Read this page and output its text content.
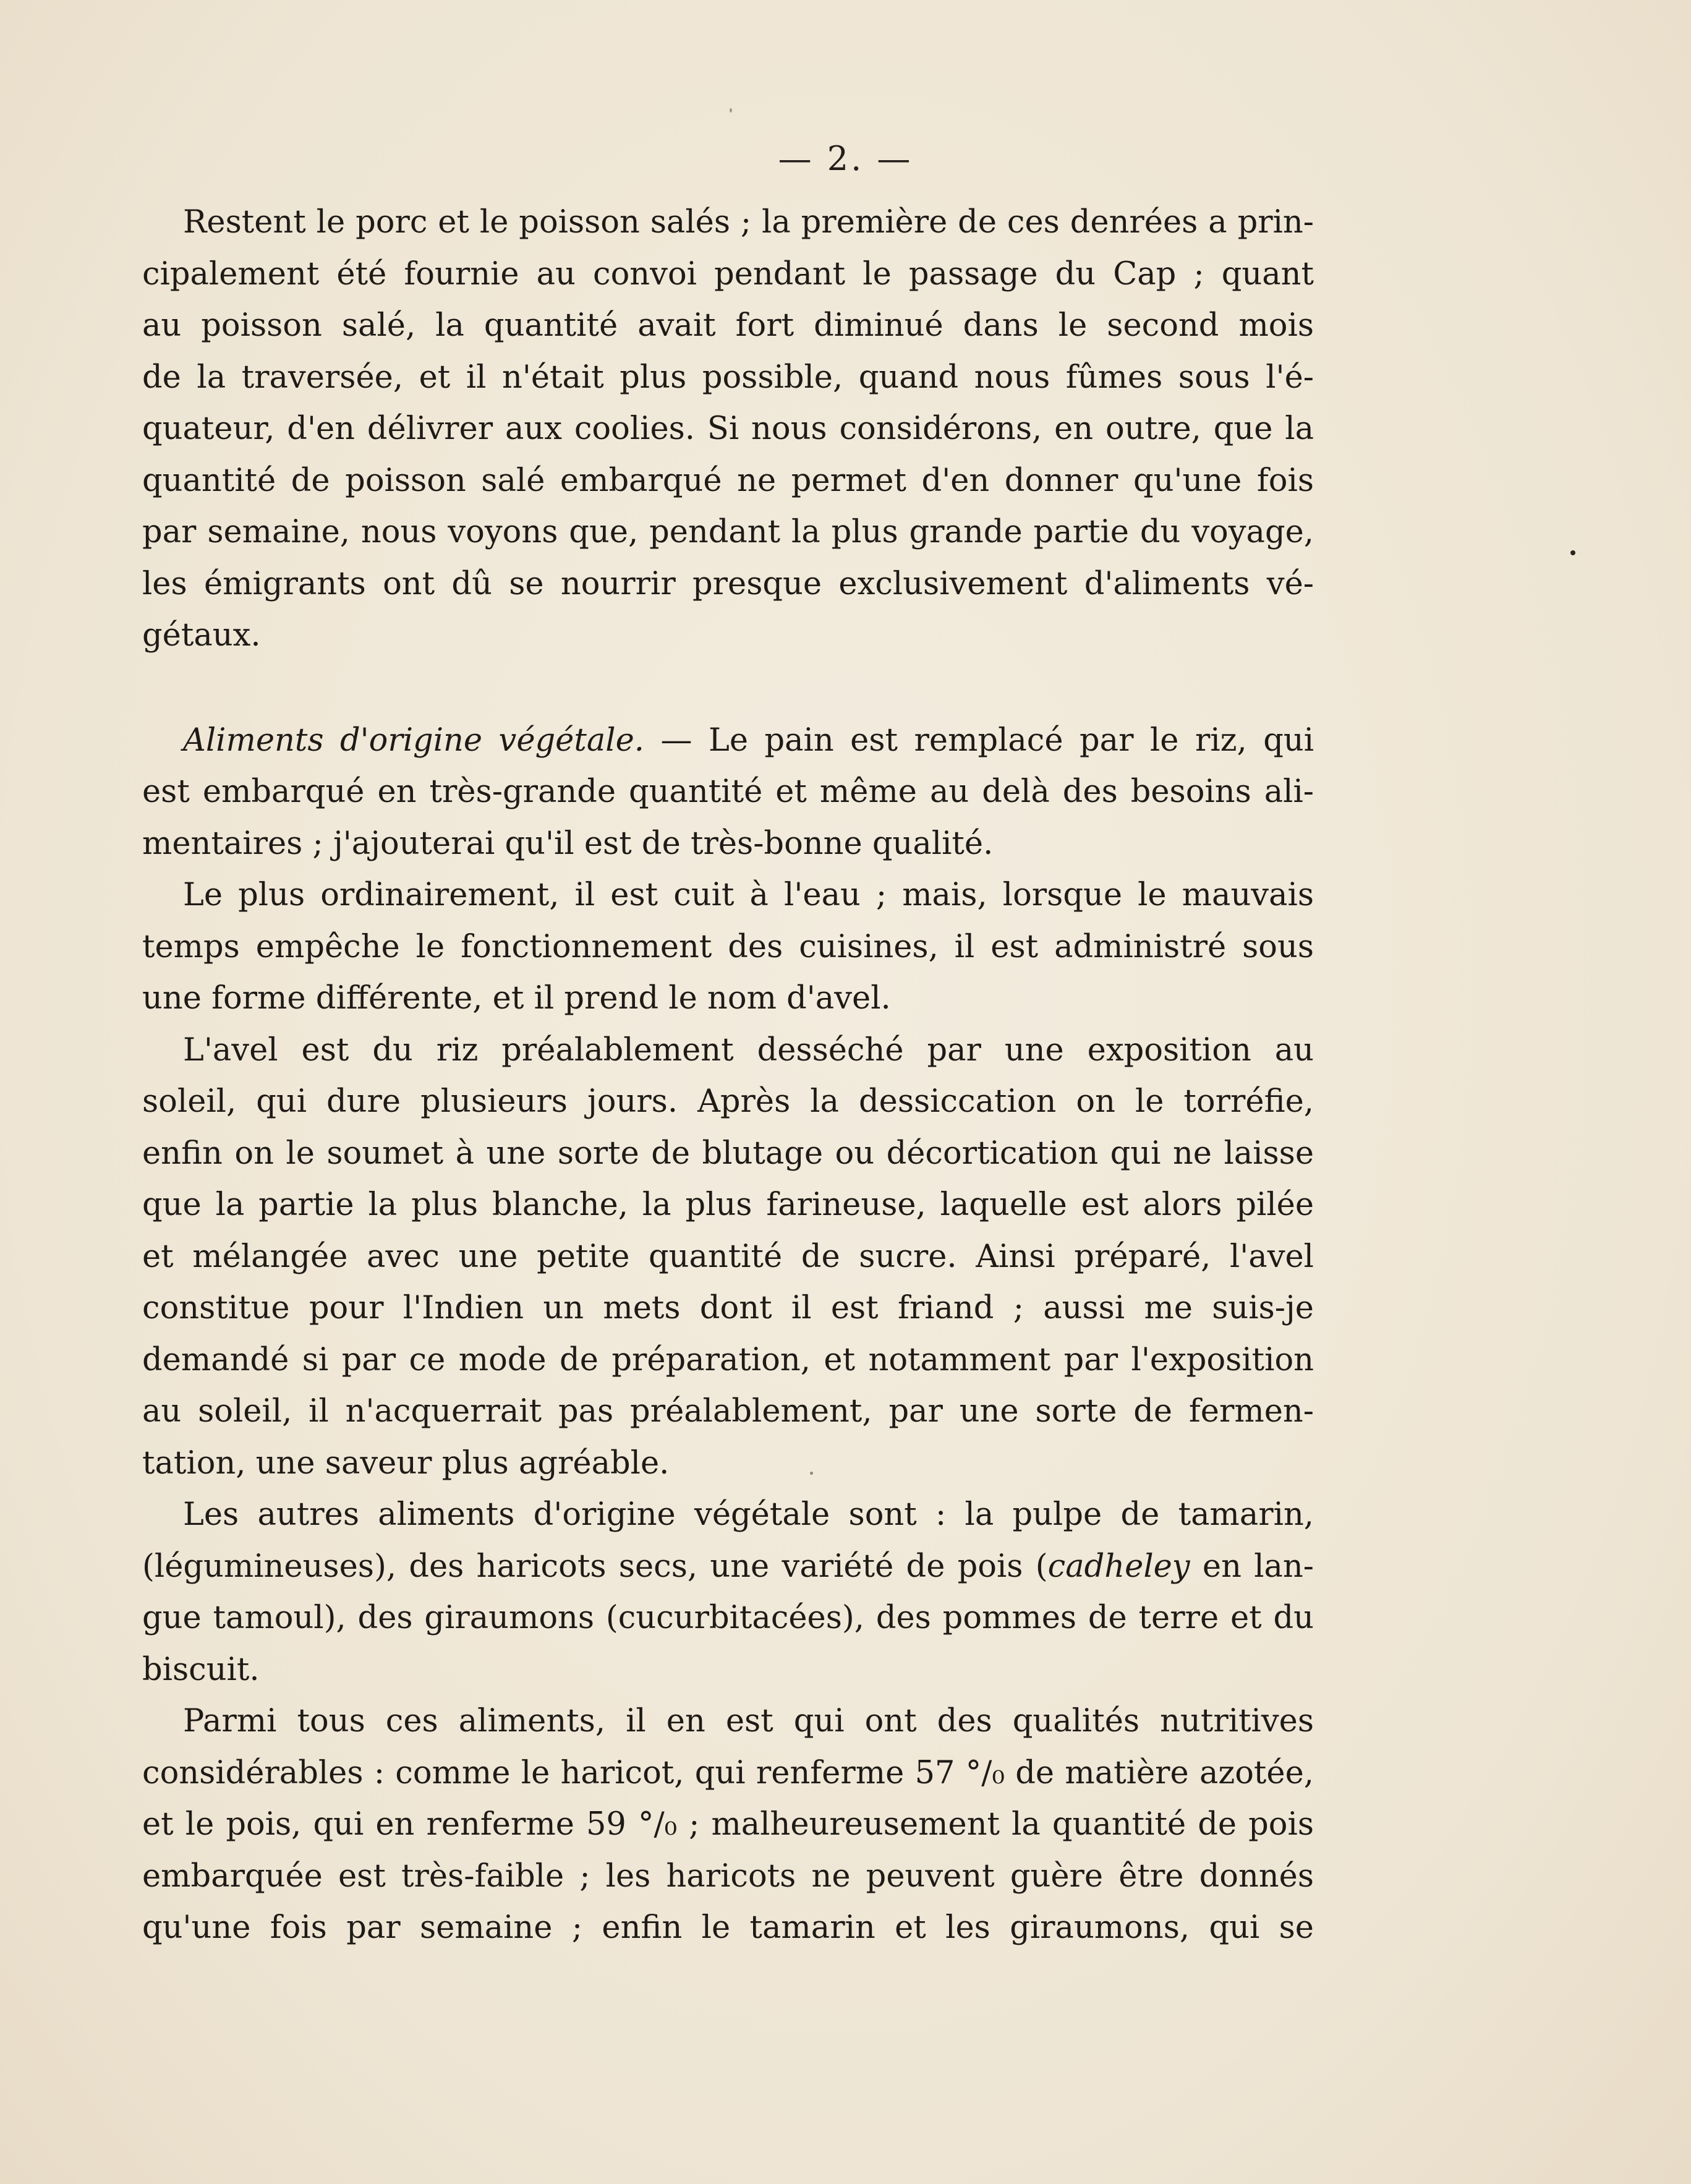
— 2. —
Restent le porc et le poisson salés ; la première de ces denrées a prin-
cipalement été fournie au convoi pendant le passage du Cap ; quant
au poisson salé, la quantité avait fort diminué dans le second mois
de la traversée, et il n'était plus possible, quand nous fûmes sous l'é-
quateur, d'en délivrer aux coolies. Si nous considérons, en outre, que la
quantité de poisson salé embarqué ne permet d'en donner qu'une fois
par semaine, nous voyons que, pendant la plus grande partie du voyage,
les émigrants ont dû se nourrir presque exclusivement d'aliments vé-
gétaux.
Aliments d'origine végétale. — Le pain est remplacé par le riz, qui
est embarqué en très-grande quantité et même au delà des besoins ali-
mentaires ; j'ajouterai qu'il est de très-bonne qualité.
Le plus ordinairement, il est cuit à l'eau ; mais, lorsque le mauvais
temps empêche le fonctionnement des cuisines, il est administré sous
une forme différente, et il prend le nom d'avel.
L'avel est du riz préalablement desséché par une exposition au
soleil, qui dure plusieurs jours. Après la dessiccation on le torréfie,
enfin on le soumet à une sorte de blutage ou décortication qui ne laisse
que la partie la plus blanche, la plus farineuse, laquelle est alors pilée
et mélangée avec une petite quantité de sucre. Ainsi préparé, l'avel
constitue pour l'Indien un mets dont il est friand ; aussi me suis-je
demandé si par ce mode de préparation, et notamment par l'exposition
au soleil, il n'acquerrait pas préalablement, par une sorte de fermen-
tation, une saveur plus agréable.
Les autres aliments d'origine végétale sont : la pulpe de tamarin,
(légumineuses), des haricots secs, une variété de pois (cadheley en lan-
gue tamoul), des giraumons (cucurbitacées), des pommes de terre et du
biscuit.
Parmi tous ces aliments, il en est qui ont des qualités nutritives
considérables : comme le haricot, qui renferme 57 °/₀ de matière azotée,
et le pois, qui en renferme 59 °/₀ ; malheureusement la quantité de pois
embarquée est très-faible ; les haricots ne peuvent guère être donnés
qu'une fois par semaine ; enfin le tamarin et les giraumons, qui se
